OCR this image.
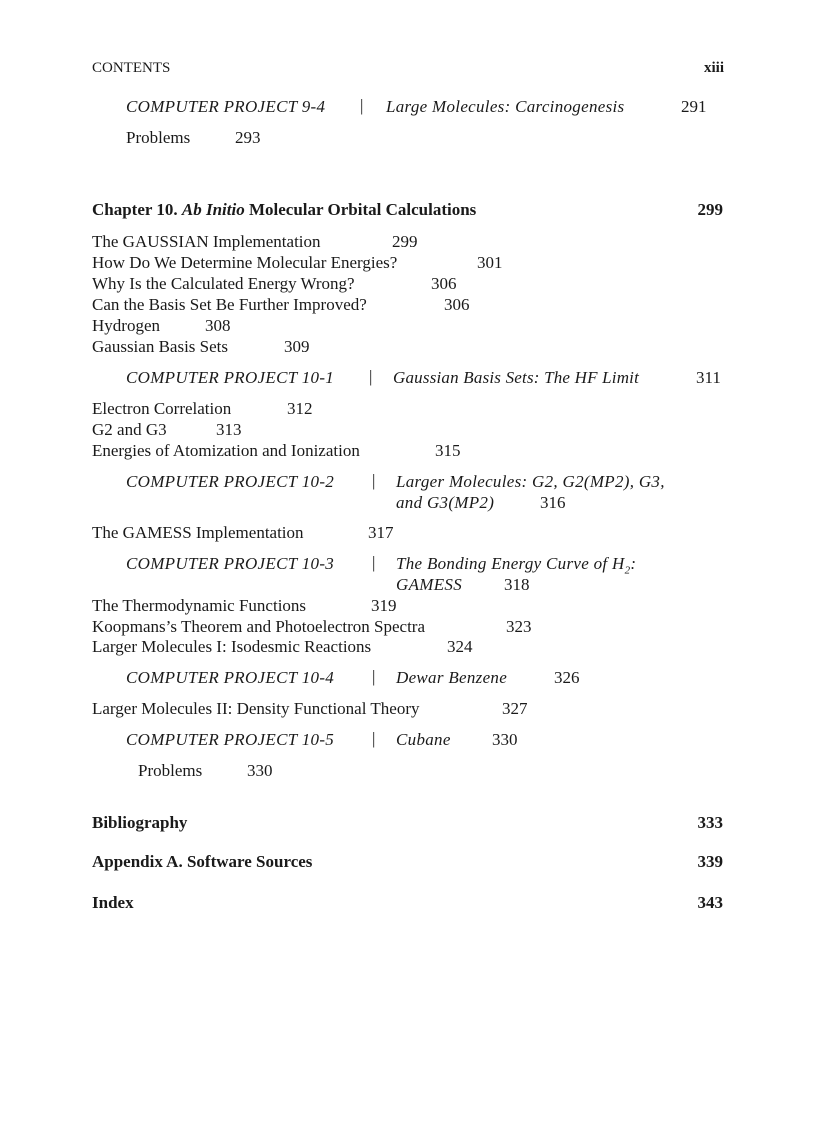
CONTENTS	xiii
COMPUTER PROJECT 9-4 | Large Molecules: Carcinogenesis	291
Problems	293
Chapter 10. Ab Initio Molecular Orbital Calculations	299
The GAUSSIAN Implementation	299
How Do We Determine Molecular Energies?	301
Why Is the Calculated Energy Wrong?	306
Can the Basis Set Be Further Improved?	306
Hydrogen	308
Gaussian Basis Sets	309
COMPUTER PROJECT 10-1 | Gaussian Basis Sets: The HF Limit	311
Electron Correlation	312
G2 and G3	313
Energies of Atomization and Ionization	315
COMPUTER PROJECT 10-2 | Larger Molecules: G2, G2(MP2), G3,
and G3(MP2)	316
The GAMESS Implementation	317
COMPUTER PROJECT 10-3 | The Bonding Energy Curve of $H_2$:
GAMESS 318
The Thermodynamic Functions	319
Koopmans’s Theorem and Photoelectron Spectra	323
Larger Molecules I: Isodesmic Reactions	324
COMPUTER PROJECT 10-4 | Dewar Benzene	326
Larger Molecules II: Density Functional Theory	327
COMPUTER PROJECT 10-5 | Cubane 330
Problems	330
Bibliography	333
Appendix A. Software Sources	339
Index	343
